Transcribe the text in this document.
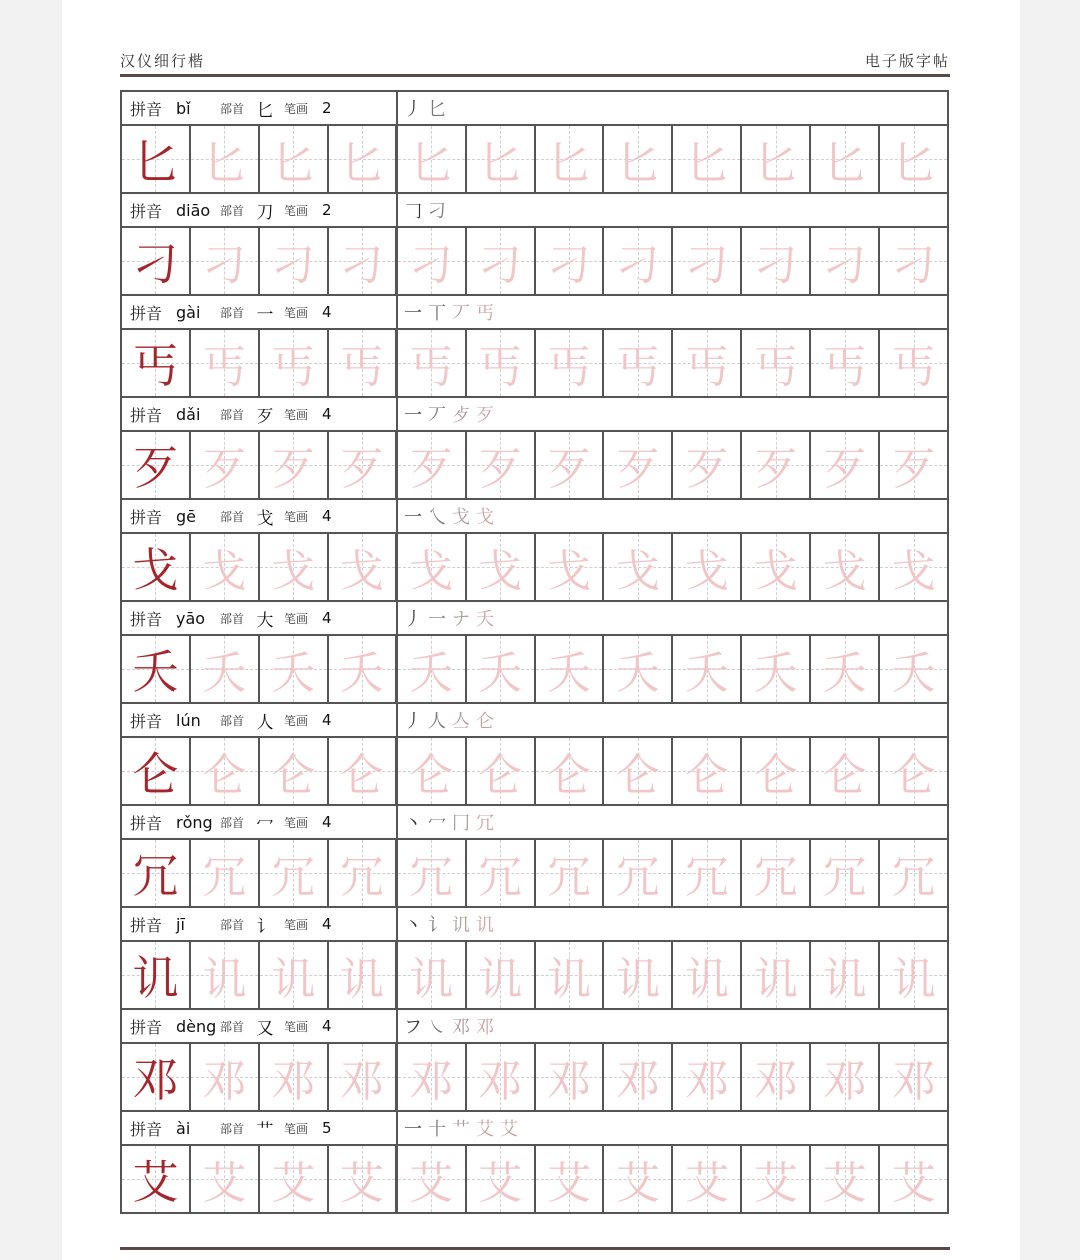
汉仪细行楷	电子版字帖
拼音 bǐ	部首 匕 笔画 2	丿匕
匕 匕 匕 匕 匕 匕 匕 匕 匕 匕 匕 匕
拼音 diāo 部首 刀 笔画 2	𠃌刁
刁 刁 刁 刁 刁 刁 刁 刁 刁 刁 刁 刁
拼音 gài	部首 一 笔画 4	一丅丆丐
丐 丐 丐 丐 丐 丐 丐 丐 丐 丐 丐 丐
拼音 dǎi	部首 歹 笔画 4	一丆歺歹
歹 歹 歹 歹 歹 歹 歹 歹 歹 歹 歹 歹
拼音 gē	部首 戈 笔画 4	一乀戈戈
戈 戈 戈 戈 戈 戈 戈 戈 戈 戈 戈 戈
拼音 yāo	部首 大 笔画 4	丿一ナ夭
夭 夭 夭 夭 夭 夭 夭 夭 夭 夭 夭 夭
拼音 lún	部首 人 笔画 4	丿人亼仑
仑 仑 仑 仑 仑 仑 仑 仑 仑 仑 仑 仑
拼音 rǒng 部首 冖 笔画 4	丶冖冂冗
冗 冗 冗 冗 冗 冗 冗 冗 冗 冗 冗 冗
拼音 jī	部首 讠 笔画 4	丶讠讥讥
讥 讥 讥 讥 讥 讥 讥 讥 讥 讥 讥 讥
拼音 dèng 部首 又 笔画 4	フ㇏邓邓
邓 邓 邓 邓 邓 邓 邓 邓 邓 邓 邓 邓
拼音 ài	部首 艹 笔画 5	一十艹艾艾
艾 艾 艾 艾 艾 艾 艾 艾 艾 艾 艾 艾
